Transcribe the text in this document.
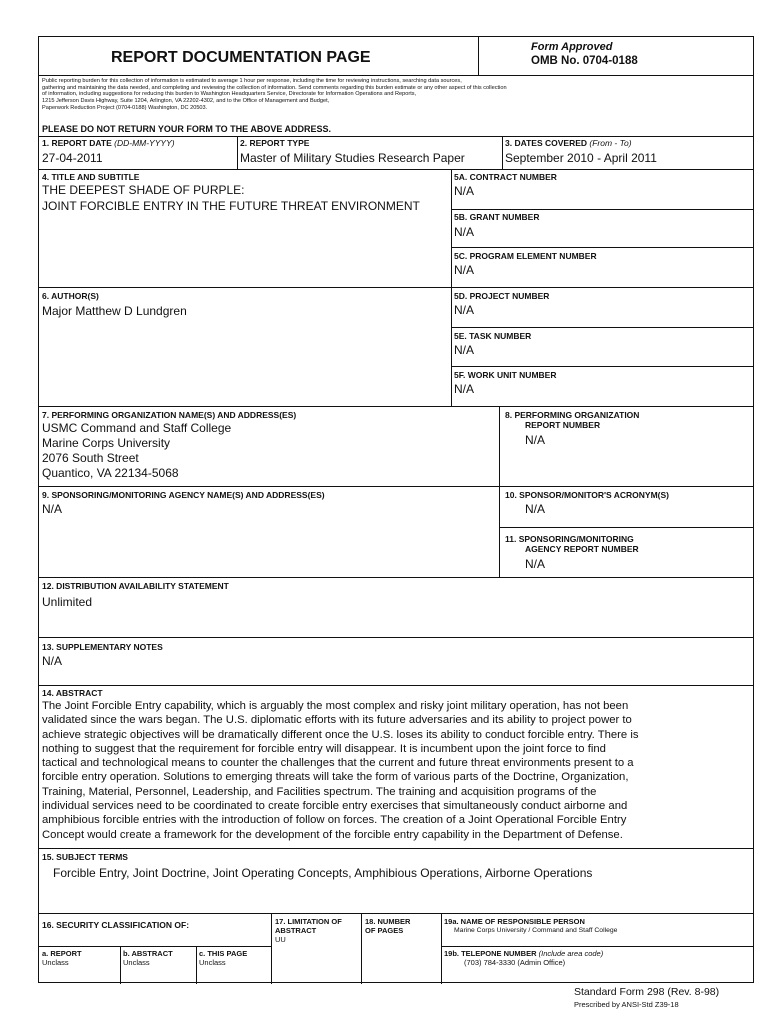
REPORT DOCUMENTATION PAGE
Form Approved
OMB No. 0704-0188
Public reporting burden for this collection of information is estimated to average 1 hour per response, including the time for reviewing instructions, searching data sources,
gathering and maintaining the data needed, and completing and reviewing the collection of information. Send comments regarding this burden estimate or any other aspect of this collection
of information, including suggestions for reducing this burden to Washington Headquarters Service, Directorate for Information Operations and Reports,
1215 Jefferson Davis Highway, Suite 1204, Arlington, VA 22202-4302, and to the Office of Management and Budget,
Paperwork Reduction Project (0704-0188) Washington, DC 20503.
PLEASE DO NOT RETURN YOUR FORM TO THE ABOVE ADDRESS.
1. REPORT DATE (DD-MM-YYYY)
27-04-2011
2. REPORT TYPE
Master of Military Studies Research Paper
3. DATES COVERED (From - To)
September 2010 - April 2011
4. TITLE AND SUBTITLE
THE DEEPEST SHADE OF PURPLE:
JOINT FORCIBLE ENTRY IN THE FUTURE THREAT ENVIRONMENT
5A. CONTRACT NUMBER
N/A
5B. GRANT NUMBER
N/A
5C. PROGRAM ELEMENT NUMBER
N/A
6. AUTHOR(S)
Major Matthew D Lundgren
5D. PROJECT NUMBER
N/A
5E. TASK NUMBER
N/A
5F. WORK UNIT NUMBER
N/A
7. PERFORMING ORGANIZATION NAME(S) AND ADDRESS(ES)
USMC Command and Staff College
Marine Corps University
2076 South Street
Quantico, VA 22134-5068
8. PERFORMING ORGANIZATION
REPORT NUMBER
N/A
9. SPONSORING/MONITORING AGENCY NAME(S) AND ADDRESS(ES)
N/A
10. SPONSOR/MONITOR'S ACRONYM(S)
N/A
11. SPONSORING/MONITORING
AGENCY REPORT NUMBER
N/A
12. DISTRIBUTION AVAILABILITY STATEMENT
Unlimited
13. SUPPLEMENTARY NOTES
N/A
14. ABSTRACT
The Joint Forcible Entry capability, which is arguably the most complex and risky joint military operation, has not been
validated since the wars began. The U.S. diplomatic efforts with its future adversaries and its ability to project power to
achieve strategic objectives will be dramatically different once the U.S. loses its ability to conduct forcible entry. There is
nothing to suggest that the requirement for forcible entry will disappear. It is incumbent upon the joint force to find
tactical and technological means to counter the challenges that the current and future threat environments present to a
forcible entry operation. Solutions to emerging threats will take the form of various parts of the Doctrine, Organization,
Training, Material, Personnel, Leadership, and Facilities spectrum. The training and acquisition programs of the
individual services need to be coordinated to create forcible entry exercises that simultaneously conduct airborne and
amphibious forcible entries with the introduction of follow on forces. The creation of a Joint Operational Forcible Entry
Concept would create a framework for the development of the forcible entry capability in the Department of Defense.
15. SUBJECT TERMS
Forcible Entry, Joint Doctrine, Joint Operating Concepts, Amphibious Operations, Airborne Operations
16. SECURITY CLASSIFICATION OF:
a. REPORT
Unclass
b. ABSTRACT
Unclass
c. THIS PAGE
Unclass
17. LIMITATION OF
ABSTRACT
UU
18. NUMBER
OF PAGES
19a. NAME OF RESPONSIBLE PERSON
Marine Corps University / Command and Staff College
19b. TELEPONE NUMBER (Include area code)
(703) 784-3330 (Admin Office)
Standard Form 298 (Rev. 8-98)
Prescribed by ANSI-Std Z39-18
